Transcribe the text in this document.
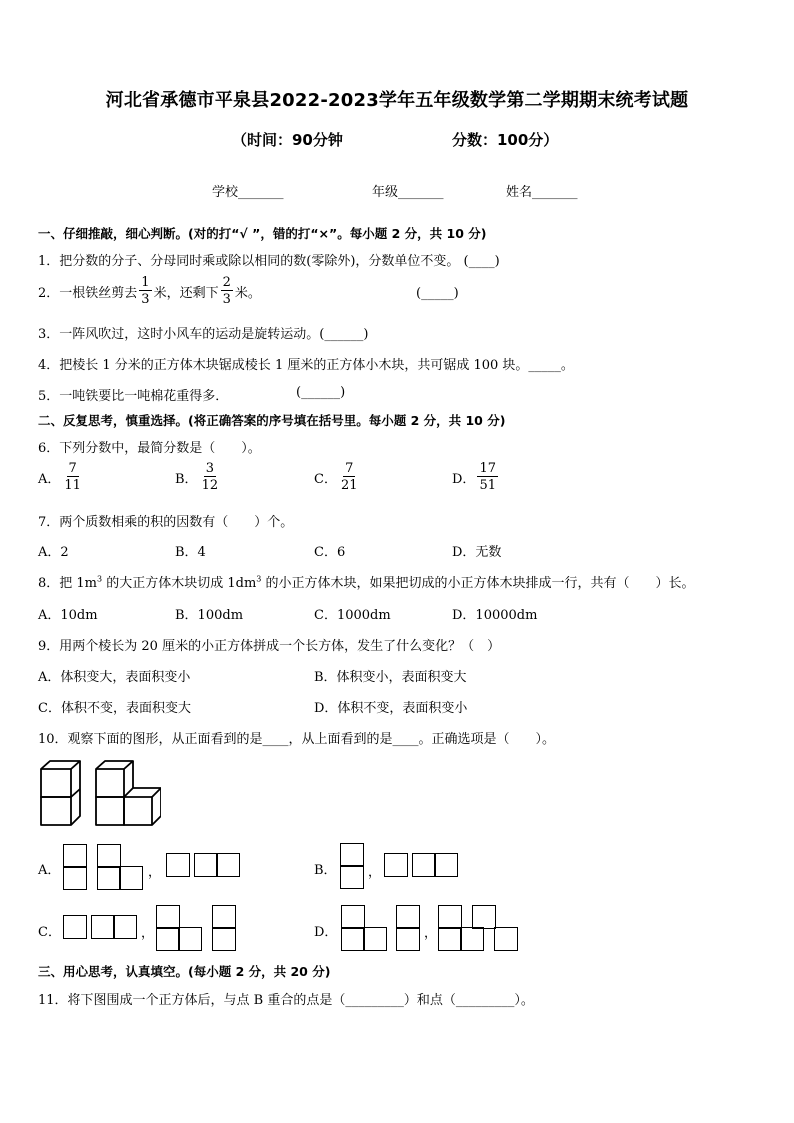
河北省承德市平泉县2022-2023学年五年级数学第二学期期末统考试题
（时间：90分钟	分数：100分）
学校_______	年级_______	姓名_______
一、仔细推敲，细心判断。(对的打“√ ”，错的打“×”。每小题 2 分，共 10 分)
1．把分数的分子、分母同时乘或除以相同的数(零除外)，分数单位不变。 (____)
2．一根铁丝剪去 $\frac{1}{3}$ 米，还剩下 $\frac{2}{3}$ 米。	(_____)
3．一阵风吹过，这时小风车的运动是旋转运动。(______)
4．把棱长 1 分米的正方体木块锯成棱长 1 厘米的正方体小木块，共可锯成 100 块。_____。
5．一吨铁要比一吨棉花重得多．	(______)
二、反复思考，慎重选择。(将正确答案的序号填在括号里。每小题 2 分，共 10 分)
6．下列分数中，最简分数是（　　）。
A． $\frac{7}{11}$	B． $\frac{3}{12}$	C． $\frac{7}{21}$	D． $\frac{17}{51}$
7．两个质数相乘的积的因数有（　　）个。
A．2	B．4	C．6	D．无数
8．把 $1m^3$ 的大正方体木块切成 $1dm^3$ 的小正方体木块，如果把切成的小正方体木块排成一行，共有（　　）长。
A．10dm	B．100dm	C．1000dm	D．10000dm
9．用两个棱长为 20 厘米的小正方体拼成一个长方体，发生了什么变化？（　）
A．体积变大，表面积变小	B．体积变小，表面积变大
C．体积不变，表面积变大	D．体积不变，表面积变小
10．观察下面的图形，从正面看到的是____，从上面看到的是____。正确选项是（　　）。
A．	，	B． ，
C．	，	D．	，
三、用心思考，认真填空。(每小题 2 分，共 20 分)
11．将下图围成一个正方体后，与点 B 重合的点是（_________）和点（_________）。
